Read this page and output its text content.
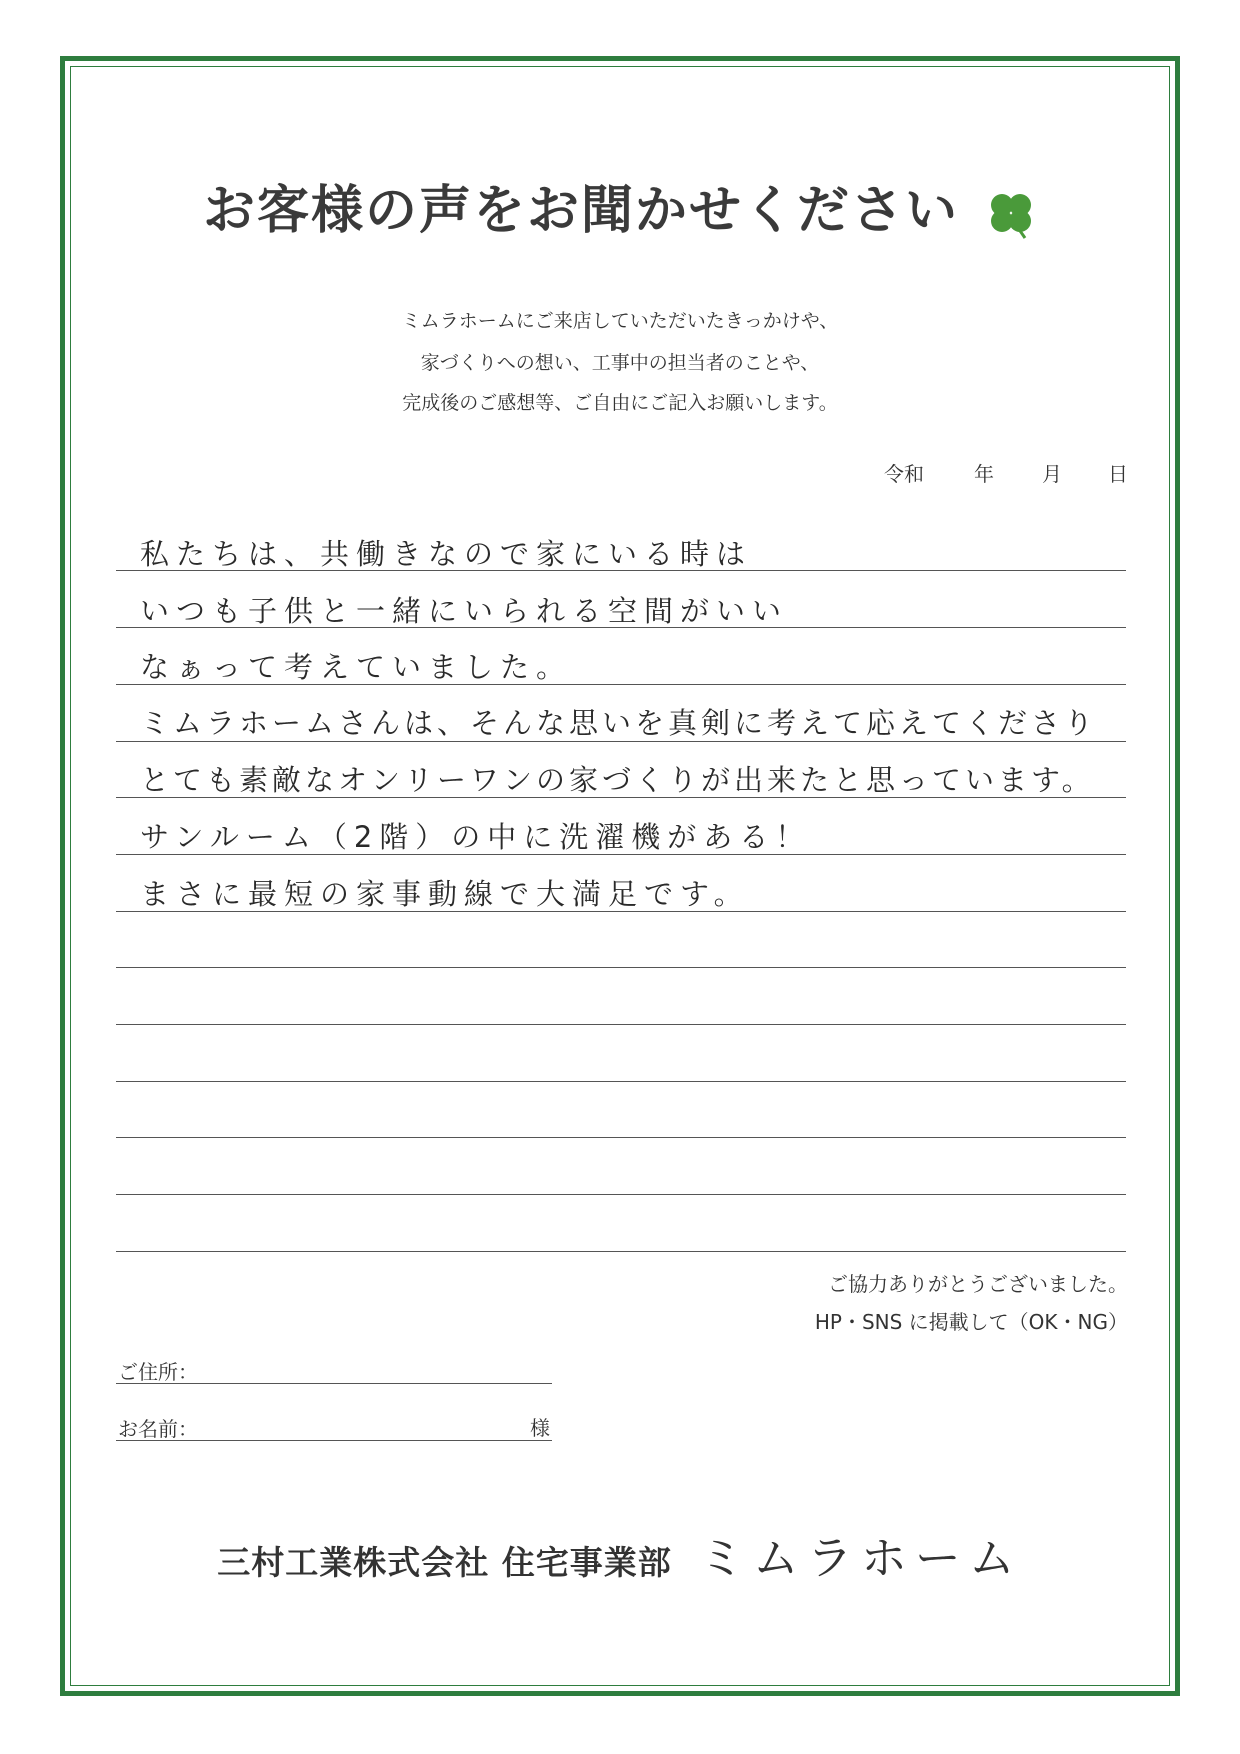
お客様の声をお聞かせください
ミムラホームにご来店していただいたきっかけや、
家づくりへの想い、工事中の担当者のことや、
完成後のご感想等、ご自由にご記入お願いします。
令和	年 月 日
私たちは、共働きなので家にいる時は
いつも子供と一緒にいられる空間がいい
なぁって考えていました。
ミムラホームさんは、そんな思いを真剣に考えて応えてくださり
とても素敵なオンリーワンの家づくりが出来たと思っています。
サンルーム（2階）の中に洗濯機がある！
まさに最短の家事動線で大満足です。
ご協力ありがとうございました。
HP・SNS に掲載して（OK・NG）
ご住所：
お名前：	様
三村工業株式会社 住宅事業部 ミムラホーム
